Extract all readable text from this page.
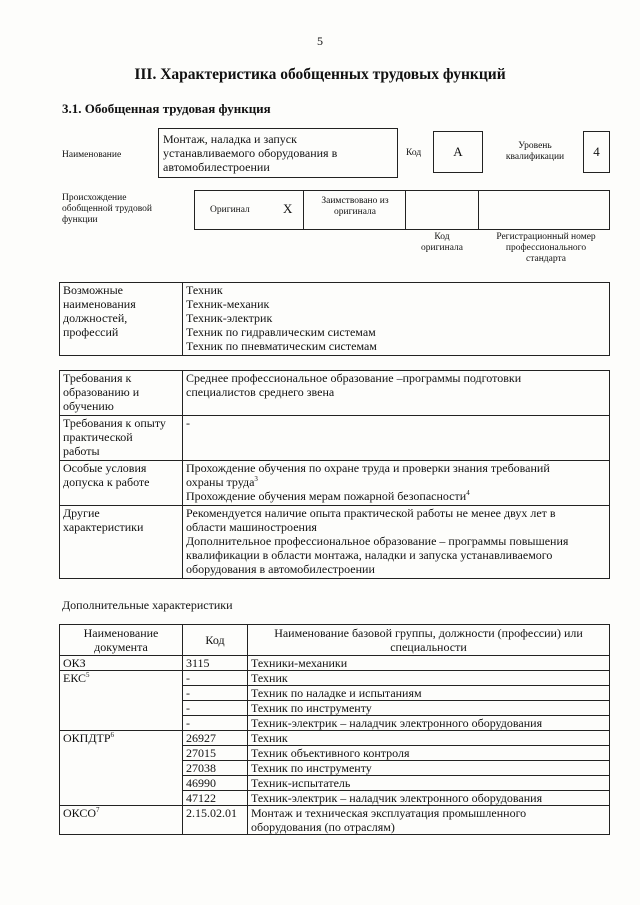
5
III. Характеристика обобщенных трудовых функций
3.1. Обобщенная трудовая функция
Наименование
Монтаж, наладка и запуск
устанавливаемого оборудования в
автомобилестроении
Код	А	Уровень
квалификации	4
Происхождение
обобщенной трудовой
функции
Оригинал	X	Заимствовано из
оригинала
Код
оригинала
Регистрационный номер
профессионального
стандарта
Возможные
наименования
должностей,
профессий

Техник
Техник-механик
Техник-электрик
Техник по гидравлическим системам
Техник по пневматическим системам
Требования к
образованию и
обучению	Среднее профессиональное образование –программы подготовки
специалистов среднего звена

Требования к опыту
практической
работы	-

Особые условия
допуска к работе	Прохождение обучения по охране труда и проверки знания требований
охраны труда$^3$
Прохождение обучения мерам пожарной безопасности$^4$

Другие
характеристики	Рекомендуется наличие опыта практической работы не менее двух лет в
области машиностроения
Дополнительное профессиональное образование – программы повышения
квалификации в области монтажа, наладки и запуска устанавливаемого
оборудования в автомобилестроении
Дополнительные характеристики
Наименование
документа	Код	Наименование базовой группы, должности (профессии) или
специальности

ОКЗ	3115	Техники-механики
ЕКС$^5$	-	Техник
	-	Техник по наладке и испытаниям
	-	Техник по инструменту
	-	Техник-электрик – наладчик электронного оборудования
ОКПДТР$^6$	26927	Техник
	27015	Техник объективного контроля
	27038	Техник по инструменту
	46990	Техник-испытатель
	47122	Техник-электрик – наладчик электронного оборудования
ОКСО$^7$	2.15.02.01	Монтаж и техническая эксплуатация промышленного
оборудования (по отраслям)
